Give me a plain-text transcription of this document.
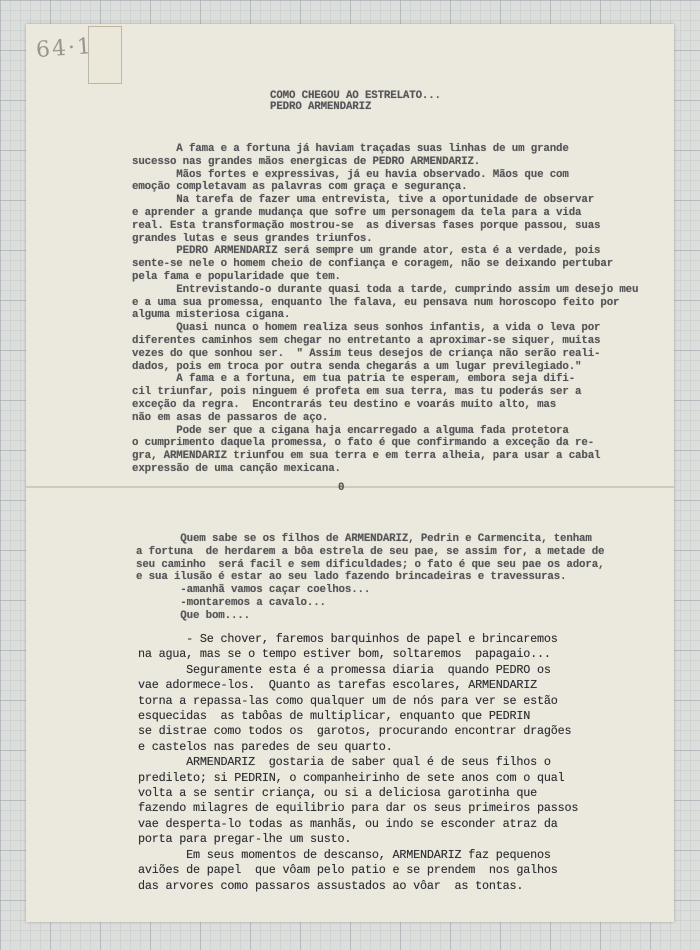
64·1
COMO CHEGOU AO ESTRELATO...
PEDRO ARMENDARIZ
A fama e a fortuna já haviam traçadas suas linhas de um grande
sucesso nas grandes mãos energicas de PEDRO ARMENDARIZ.
Mãos fortes e expressivas, já eu havia observado. Mãos que com
emoção completavam as palavras com graça e segurança.
Na tarefa de fazer uma entrevista, tive a oportunidade de observar
e aprender a grande mudança que sofre um personagem da tela para a vida
real. Esta transformação mostrou-se  as diversas fases porque passou, suas
grandes lutas e seus grandes triunfos.
PEDRO ARMENDARIZ será sempre um grande ator, esta é a verdade, pois
sente-se nele o homem cheio de confiança e coragem, não se deixando pertubar
pela fama e popularidade que tem.
Entrevistando-o durante quasi toda a tarde, cumprindo assim um desejo meu
e a uma sua promessa, enquanto lhe falava, eu pensava num horoscopo feito por
alguma misteriosa cigana.
Quasi nunca o homem realiza seus sonhos infantis, a vida o leva por
diferentes caminhos sem chegar no entretanto a aproximar-se siquer, muitas
vezes do que sonhou ser.  " Assim teus desejos de criança não serão reali-
dados, pois em troca por outra senda chegarás a um lugar previlegiado."
A fama e a fortuna, em tua patria te esperam, embora seja difi-
cil triunfar, pois ninguem é profeta em sua terra, mas tu poderás ser a
exceção da regra.  Encontrarás teu destino e voarás muito alto, mas
não em asas de passaros de aço.
Pode ser que a cigana haja encarregado a alguma fada protetora
o cumprimento daquela promessa, o fato é que confirmando a exceção da re-
gra, ARMENDARIZ triunfou em sua terra e em terra alheia, para usar a cabal
expressão de uma canção mexicana.

0
Quem sabe se os filhos de ARMENDARIZ, Pedrin e Carmencita, tenham
a fortuna  de herdarem a bôa estrela de seu pae, se assim for, a metade de
seu caminho  será facil e sem dificuldades; o fato é que seu pae os adora,
e sua ilusão é estar ao seu lado fazendo brincadeiras e travessuras.
-amanhã vamos caçar coelhos...
-montaremos a cavalo...
Que bom....

- Se chover, faremos barquinhos de papel e brincaremos
na agua, mas se o tempo estiver bom, soltaremos  papagaio...
Seguramente esta é a promessa diaria  quando PEDRO os
vae adormece-los.  Quanto as tarefas escolares, ARMENDARIZ
torna a repassa-las como qualquer um de nós para ver se estão
esquecidas  as tabôas de multiplicar, enquanto que PEDRIN
se distrae como todos os  garotos, procurando encontrar dragões
e castelos nas paredes de seu quarto.
ARMENDARIZ  gostaria de saber qual é de seus filhos o
predileto; si PEDRIN, o companheirinho de sete anos com o qual
volta a se sentir criança, ou si a deliciosa garotinha que
fazendo milagres de equilibrio para dar os seus primeiros passos
vae desperta-lo todas as manhãs, ou indo se esconder atraz da
porta para pregar-lhe um susto.
Em seus momentos de descanso, ARMENDARIZ faz pequenos
aviões de papel  que vôam pelo patio e se prendem  nos galhos
das arvores como passaros assustados ao vôar  as tontas.
